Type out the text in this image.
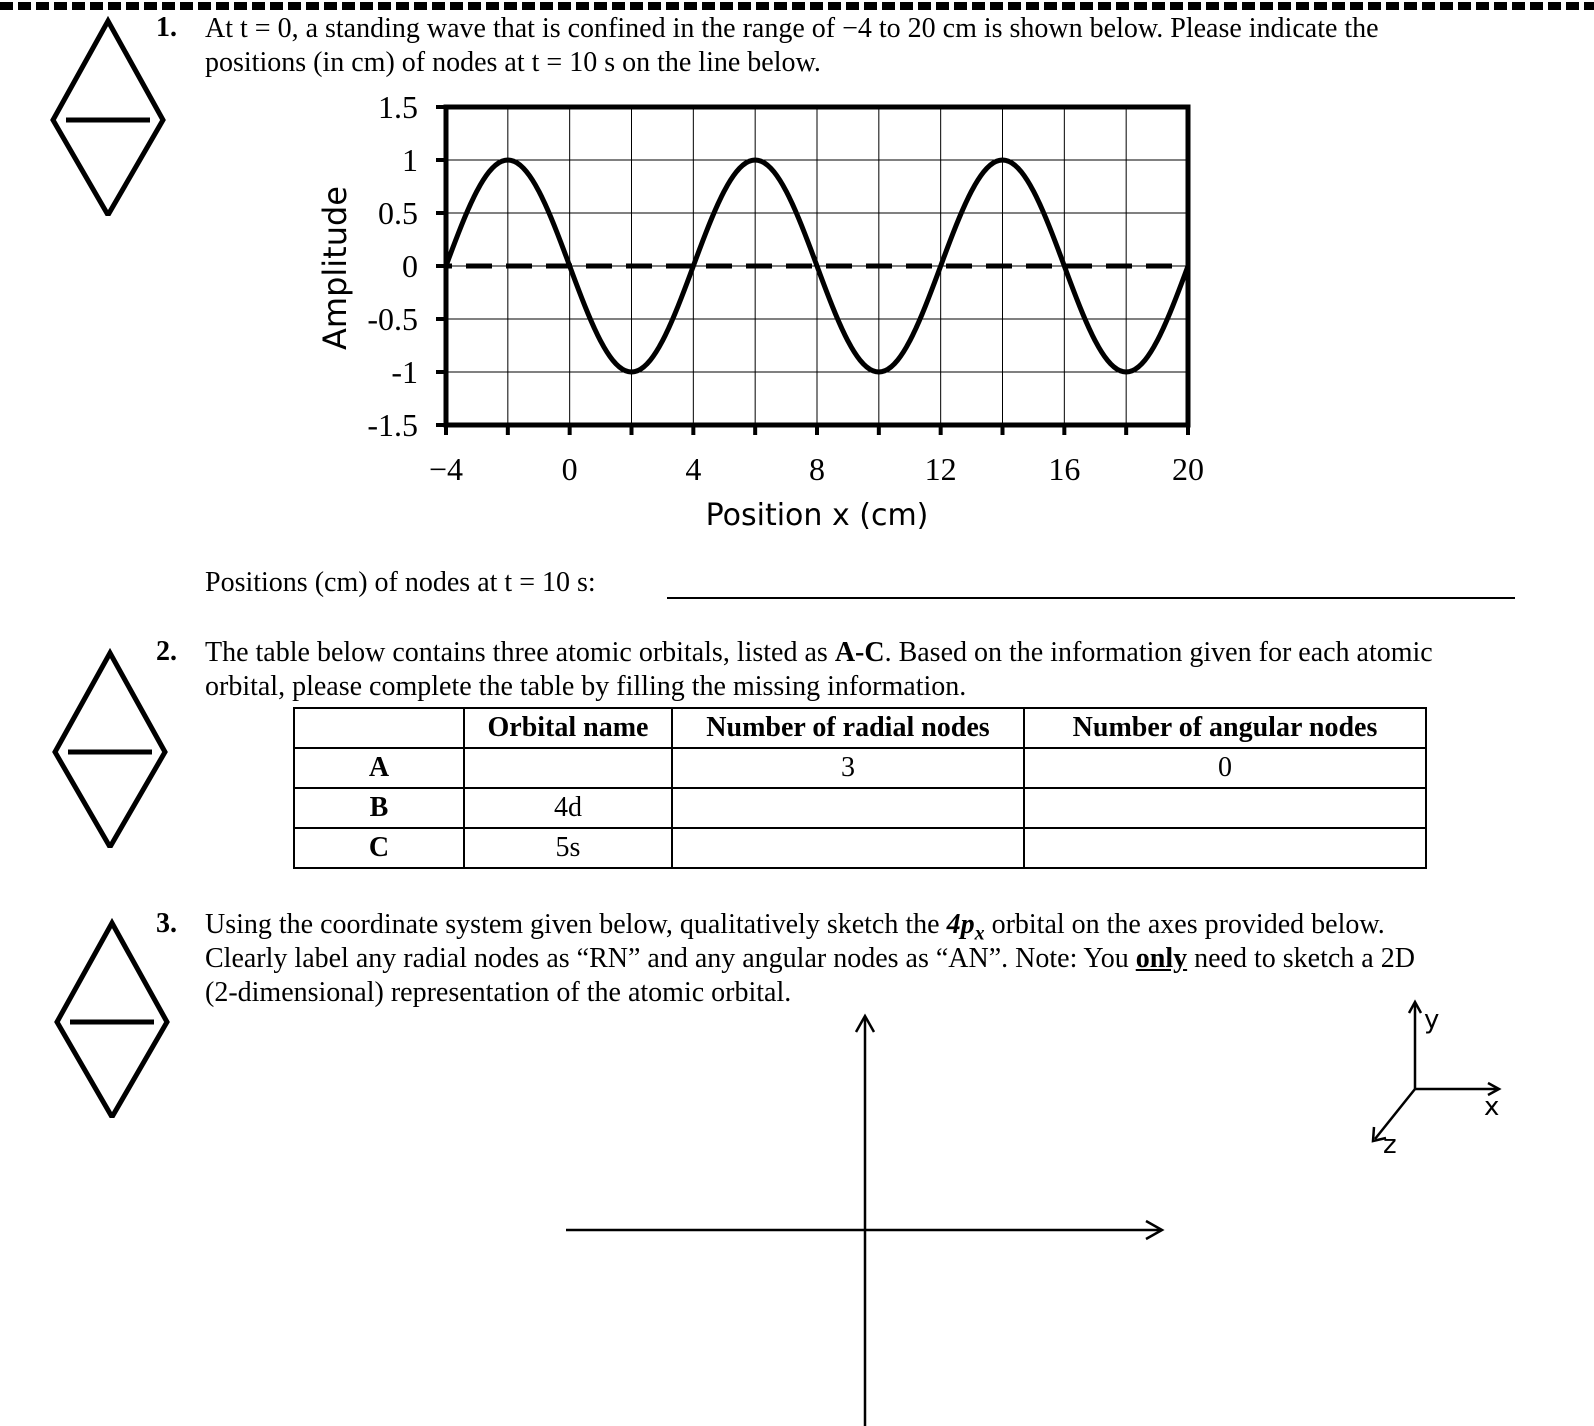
1. At t = 0, a standing wave that is confined in the range of −4 to 20 cm is shown below. Please indicate the
positions (in cm) of nodes at t = 10 s on the line below.
1.5
1
0.5
0
-0.5
-1
-1.5
−4	0	4	8	12	16	20
Position x (cm)
Amplitude
Positions (cm) of nodes at t = 10 s:
2. The table below contains three atomic orbitals, listed as A-C. Based on the information given for each atomic
orbital, please complete the table by filling the missing information.
	Orbital name	Number of radial nodes	Number of angular nodes
A		3	0
B	4d		
C	5s		
3. Using the coordinate system given below, qualitatively sketch the $4p_x$ orbital on the axes provided below.
Clearly label any radial nodes as “RN” and any angular nodes as “AN”. Note: You only need to sketch a 2D
(2-dimensional) representation of the atomic orbital.
y
x
z
